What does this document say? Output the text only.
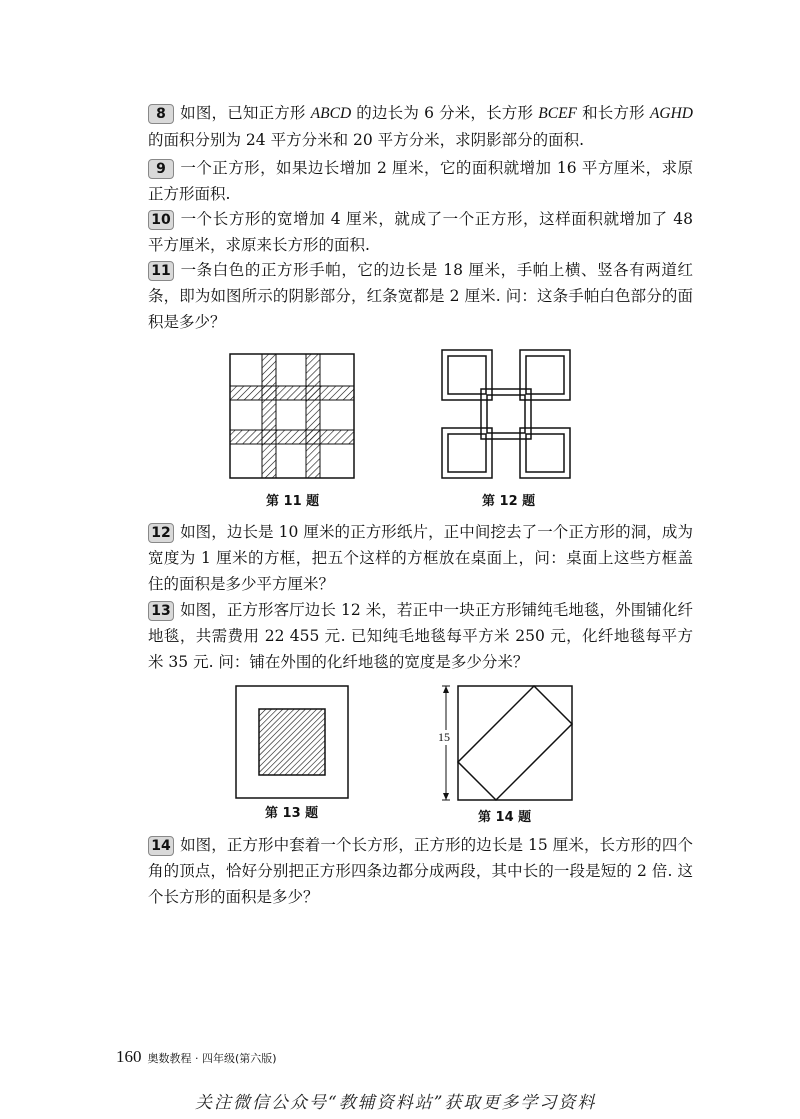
8 如图，已知正方形 ABCD 的边长为 6 分米，长方形 BCEF 和长方形 AGHD 的面积分别为 24 平方分米和 20 平方分米，求阴影部分的面积.
9 一个正方形，如果边长增加 2 厘米，它的面积就增加 16 平方厘米，求原正方形面积.
10 一个长方形的宽增加 4 厘米，就成了一个正方形，这样面积就增加了 48 平方厘米，求原来长方形的面积.
11 一条白色的正方形手帕，它的边长是 18 厘米，手帕上横、竖各有两道红条，即为如图所示的阴影部分，红条宽都是 2 厘米. 问：这条手帕白色部分的面积是多少？
第 11 题	第 12 题
12 如图，边长是 10 厘米的正方形纸片，正中间挖去了一个正方形的洞，成为宽度为 1 厘米的方框，把五个这样的方框放在桌面上，问：桌面上这些方框盖住的面积是多少平方厘米？
13 如图，正方形客厅边长 12 米，若正中一块正方形铺纯毛地毯，外围铺化纤地毯，共需费用 22 455 元. 已知纯毛地毯每平方米 250 元，化纤地毯每平方米 35 元. 问：铺在外围的化纤地毯的宽度是多少分米？
第 13 题
15
第 14 题
14 如图，正方形中套着一个长方形，正方形的边长是 15 厘米，长方形的四个角的顶点，恰好分别把正方形四条边都分成两段，其中长的一段是短的 2 倍. 这个长方形的面积是多少？
160 奥数教程 · 四年级(第六版)
关注微信公众号“教辅资料站”获取更多学习资料
